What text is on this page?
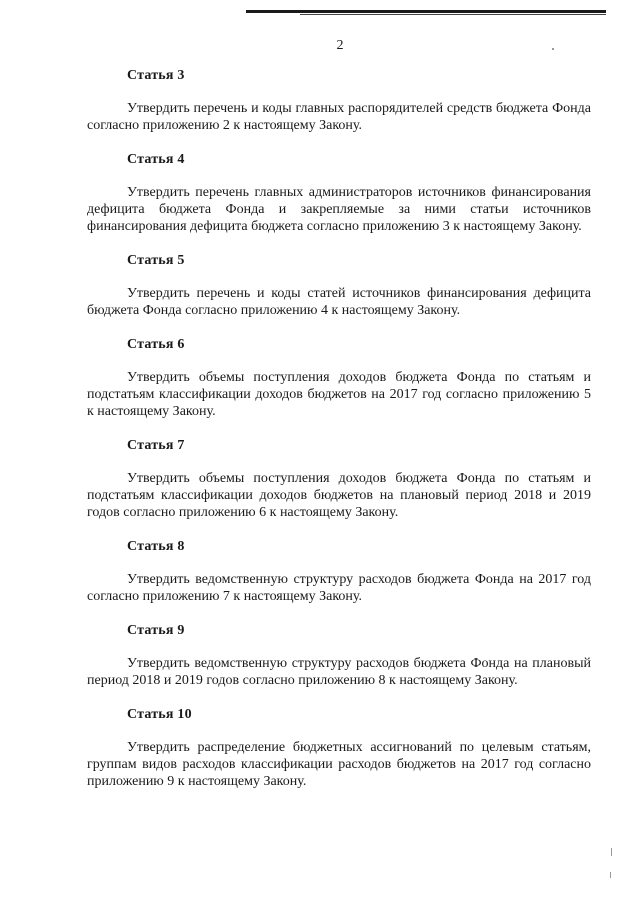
2

Статья 3

Утвердить перечень и коды главных распорядителей средств бюджета Фонда согласно приложению 2 к настоящему Закону.

Статья 4

Утвердить перечень главных администраторов источников финансирования дефицита бюджета Фонда и закрепляемые за ними статьи источников финансирования дефицита бюджета согласно приложению 3 к настоящему Закону.

Статья 5

Утвердить перечень и коды статей источников финансирования дефицита бюджета Фонда согласно приложению 4 к настоящему Закону.

Статья 6

Утвердить объемы поступления доходов бюджета Фонда по статьям и подстатьям классификации доходов бюджетов на 2017 год согласно приложению 5 к настоящему Закону.

Статья 7

Утвердить объемы поступления доходов бюджета Фонда по статьям и подстатьям классификации доходов бюджетов на плановый период 2018 и 2019 годов согласно приложению 6 к настоящему Закону.

Статья 8

Утвердить ведомственную структуру расходов бюджета Фонда на 2017 год согласно приложению 7 к настоящему Закону.

Статья 9

Утвердить ведомственную структуру расходов бюджета Фонда на плановый период 2018 и 2019 годов согласно приложению 8 к настоящему Закону.

Статья 10

Утвердить распределение бюджетных ассигнований по целевым статьям, группам видов расходов классификации расходов бюджетов на 2017 год согласно приложению 9 к настоящему Закону.
